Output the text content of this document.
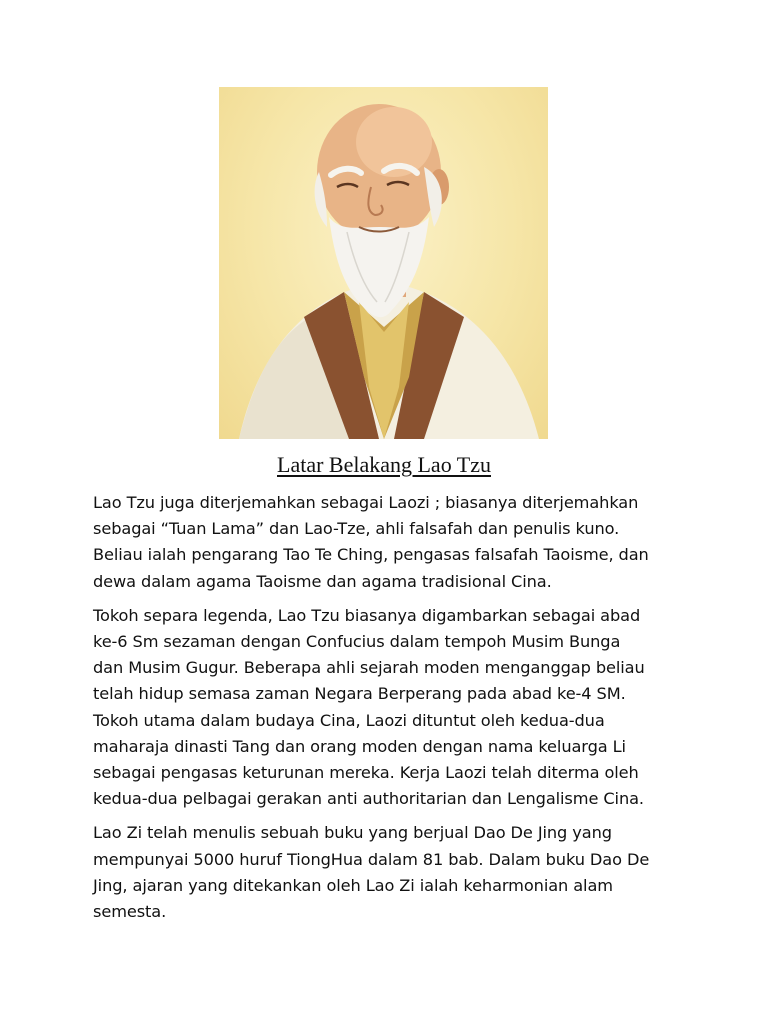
Latar Belakang Lao Tzu

Lao Tzu juga diterjemahkan sebagai Laozi ; biasanya diterjemahkan
sebagai “Tuan Lama” dan Lao-Tze, ahli falsafah dan penulis kuno.
Beliau ialah pengarang Tao Te Ching, pengasas falsafah Taoisme, dan
dewa dalam agama Taoisme dan agama tradisional Cina.

Tokoh separa legenda, Lao Tzu biasanya digambarkan sebagai abad
ke-6 Sm sezaman dengan Confucius dalam tempoh Musim Bunga
dan Musim Gugur. Beberapa ahli sejarah moden menganggap beliau
telah hidup semasa zaman Negara Berperang pada abad ke-4 SM.
Tokoh utama dalam budaya Cina, Laozi dituntut oleh kedua-dua
maharaja dinasti Tang dan orang moden dengan nama keluarga Li
sebagai pengasas keturunan mereka. Kerja Laozi telah diterma oleh
kedua-dua pelbagai gerakan anti authoritarian dan Lengalisme Cina.

Lao Zi telah menulis sebuah buku yang berjual Dao De Jing yang
mempunyai 5000 huruf TiongHua dalam 81 bab. Dalam buku Dao De
Jing, ajaran yang ditekankan oleh Lao Zi ialah keharmonian alam
semesta.
